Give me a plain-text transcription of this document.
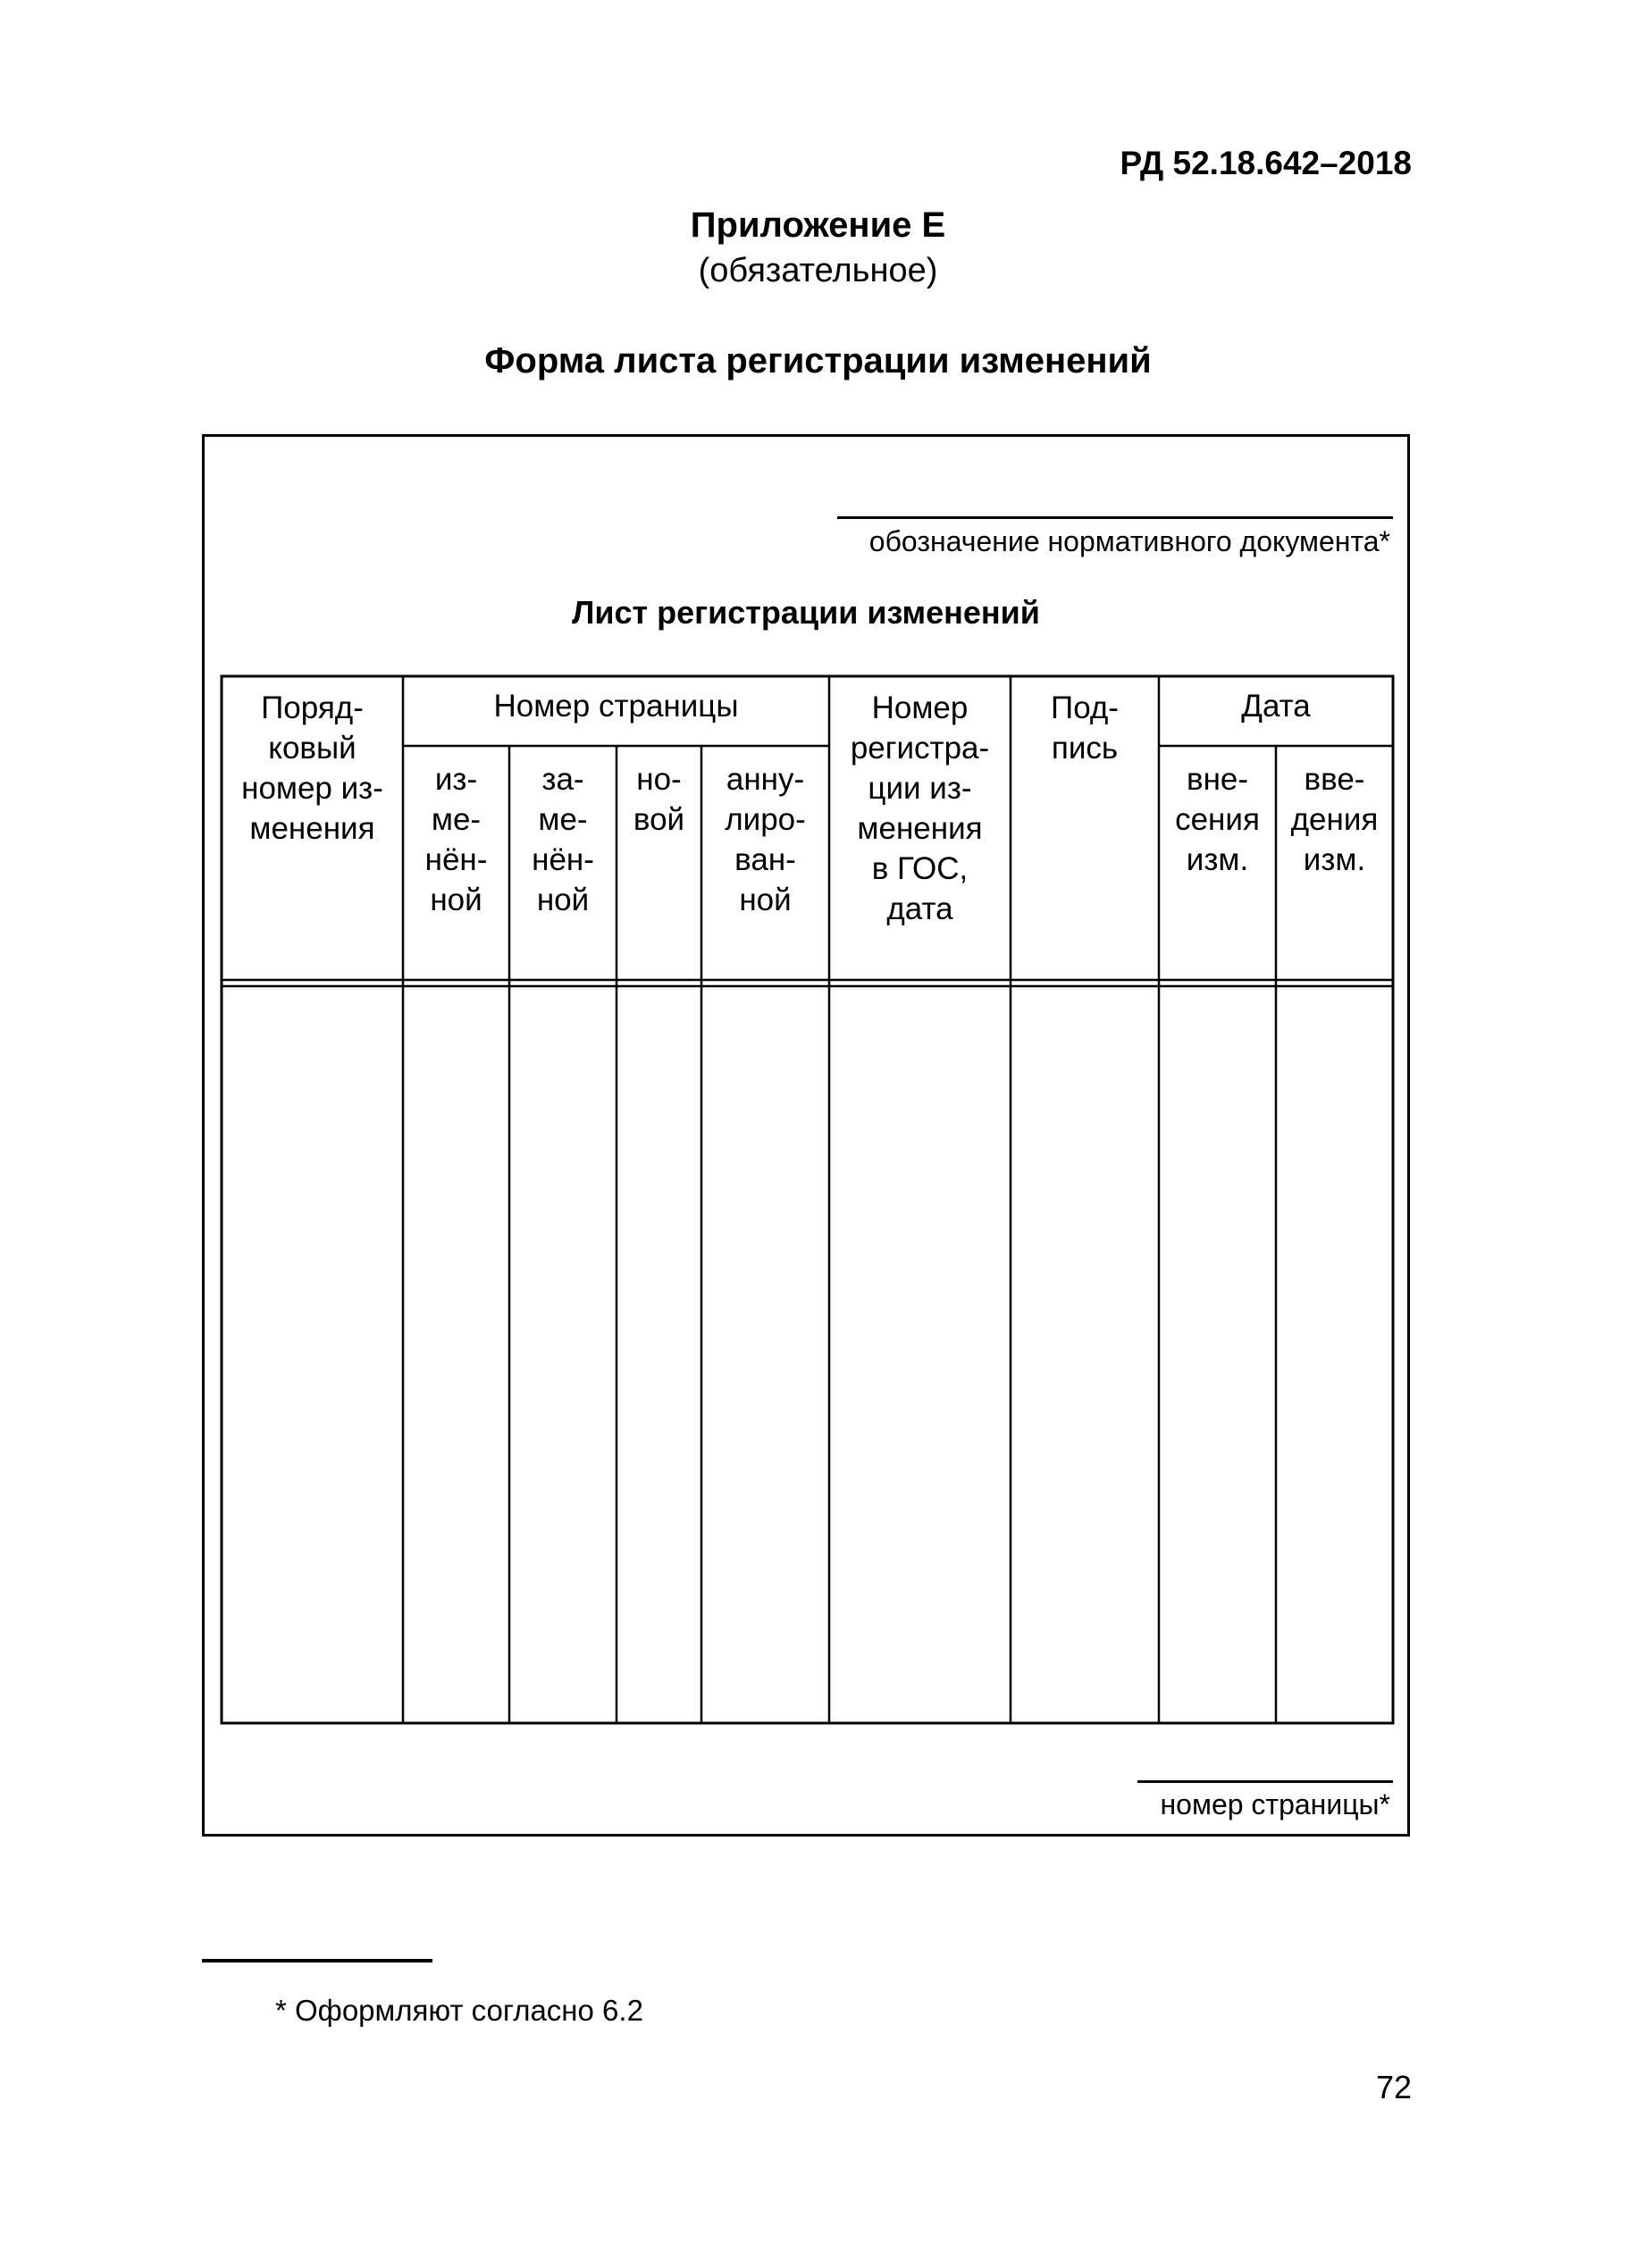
РД 52.18.642–2018
Приложение Е
(обязательное)
Форма листа регистрации изменений
обозначение нормативного документа*
Лист регистрации изменений
Поряд-
ковый
номер из-
менения
Номер страницы
из-
ме-
нён-
ной
за-
ме-
нён-
ной
но-
вой
анну-
лиро-
ван-
ной
Номер
регистра-
ции из-
менения
в ГОС,
дата
Под-
пись
Дата
вне-
сения
изм.
вве-
дения
изм.
номер страницы*
* Оформляют согласно 6.2
72
